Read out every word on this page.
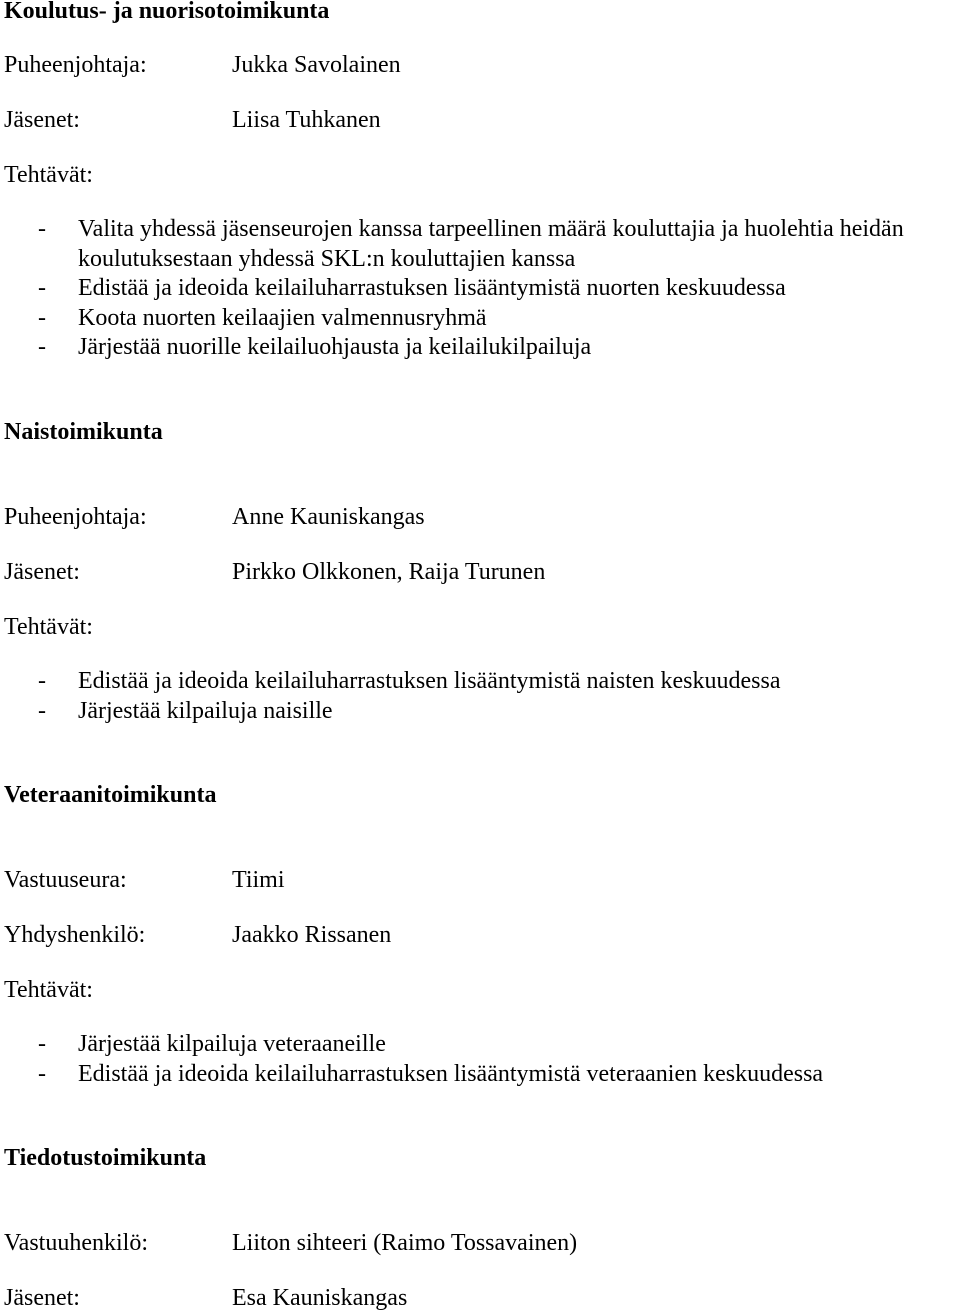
Koulutus- ja nuorisotoimikunta
Puheenjohtaja:	Jukka Savolainen
Jäsenet:	Liisa Tuhkanen
Tehtävät:
- Valita yhdessä jäsenseurojen kanssa tarpeellinen määrä kouluttajia ja huolehtia heidän koulutuksestaan yhdessä SKL:n kouluttajien kanssa
- Edistää ja ideoida keilailuharrastuksen lisääntymistä nuorten keskuudessa
- Koota nuorten keilaajien valmennusryhmä
- Järjestää nuorille keilailuohjausta ja keilailukilpailuja
Naistoimikunta
Puheenjohtaja:	Anne Kauniskangas
Jäsenet:	Pirkko Olkkonen, Raija Turunen
Tehtävät:
- Edistää ja ideoida keilailuharrastuksen lisääntymistä naisten keskuudessa
- Järjestää kilpailuja naisille
Veteraanitoimikunta
Vastuuseura:	Tiimi
Yhdyshenkilö:	Jaakko Rissanen
Tehtävät:
- Järjestää kilpailuja veteraaneille
- Edistää ja ideoida keilailuharrastuksen lisääntymistä veteraanien keskuudessa
Tiedotustoimikunta
Vastuuhenkilö:	Liiton sihteeri (Raimo Tossavainen)
Jäsenet:	Esa Kauniskangas
